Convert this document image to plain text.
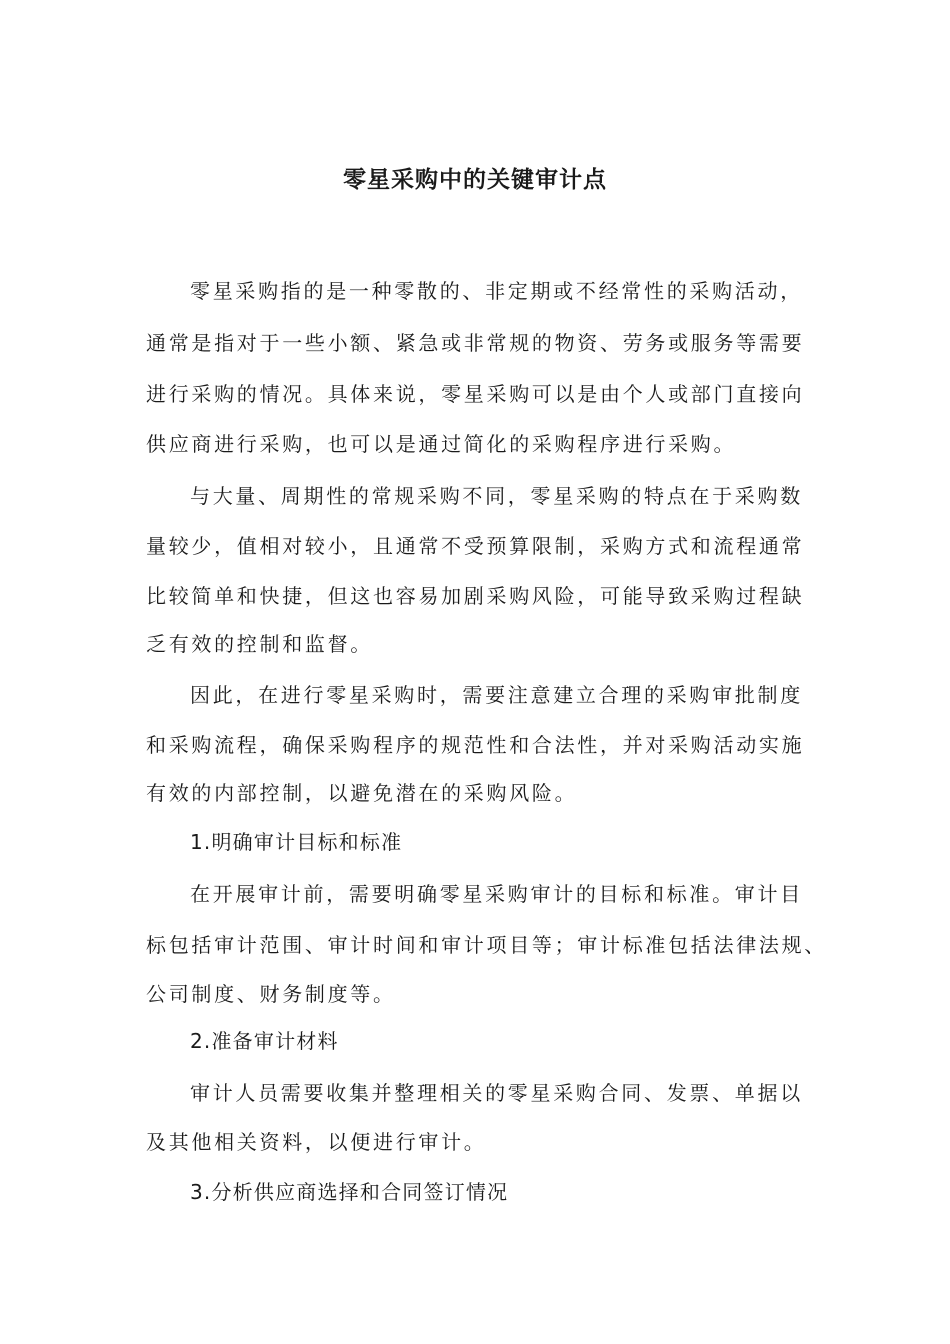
零星采购中的关键审计点
零星采购指的是一种零散的、非定期或不经常性的采购活动，
通常是指对于一些小额、紧急或非常规的物资、劳务或服务等需要
进行采购的情况。具体来说，零星采购可以是由个人或部门直接向
供应商进行采购，也可以是通过简化的采购程序进行采购。
与大量、周期性的常规采购不同，零星采购的特点在于采购数
量较少，值相对较小，且通常不受预算限制，采购方式和流程通常
比较简单和快捷，但这也容易加剧采购风险，可能导致采购过程缺
乏有效的控制和监督。
因此，在进行零星采购时，需要注意建立合理的采购审批制度
和采购流程，确保采购程序的规范性和合法性，并对采购活动实施
有效的内部控制，以避免潜在的采购风险。
1.明确审计目标和标准
在开展审计前，需要明确零星采购审计的目标和标准。审计目
标包括审计范围、审计时间和审计项目等；审计标准包括法律法规、
公司制度、财务制度等。
2.准备审计材料
审计人员需要收集并整理相关的零星采购合同、发票、单据以
及其他相关资料，以便进行审计。
3.分析供应商选择和合同签订情况
